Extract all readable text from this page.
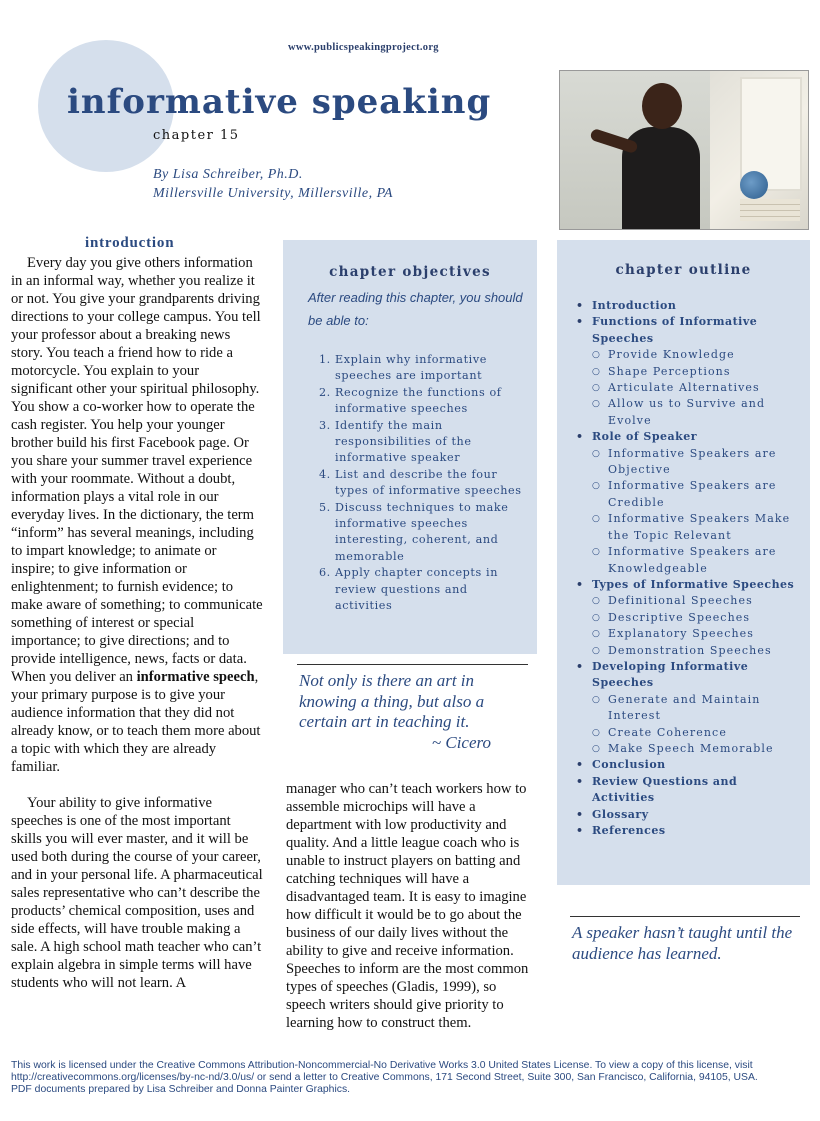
www.publicspeakingproject.org
informative speaking
chapter 15
By Lisa Schreiber, Ph.D.
Millersville University, Millersville, PA
introduction

Every day you give others information in an informal way, whether you realize it or not. You give your grandparents driving directions to your college campus. You tell your professor about a breaking news story. You teach a friend how to ride a motorcycle. You explain to your significant other your spiritual philosophy. You show a co-worker how to operate the cash register. You help your younger brother build his first Facebook page. Or you share your summer travel experience with your roommate. Without a doubt, information plays a vital role in our everyday lives. In the dictionary, the term “inform” has several meanings, including to impart knowledge; to animate or inspire; to give information or enlightenment; to furnish evidence; to make aware of something; to communicate something of interest or special importance; to give directions; and to provide intelligence, news, facts or data. When you deliver an informative speech, your primary purpose is to give your audience information that they did not already know, or to teach them more about a topic with which they are already familiar.

Your ability to give informative speeches is one of the most important skills you will ever master, and it will be used both during the course of your career, and in your personal life. A pharmaceutical sales representative who can’t describe the products’ chemical composition, uses and side effects, will have trouble making a sale. A high school math teacher who can’t explain algebra in simple terms will have students who will not learn. A

chapter objectives
After reading this chapter, you should be able to:
1. Explain why informative speeches are important
2. Recognize the functions of informative speeches
3. Identify the main responsibilities of the informative speaker
4. List and describe the four types of informative speeches
5. Discuss techniques to make informative speeches interesting, coherent, and memorable
6. Apply chapter concepts in review questions and activities
Not only is there an art in knowing a thing, but also a certain art in teaching it.
~ Cicero
manager who can’t teach workers how to assemble microchips will have a department with low productivity and quality. And a little league coach who is unable to instruct players on batting and catching techniques will have a disadvantaged team. It is easy to imagine how difficult it would be to go about the business of our daily lives without the ability to give and receive information. Speeches to inform are the most common types of speeches (Gladis, 1999), so speech writers should give priority to learning how to construct them.
chapter outline
• Introduction
• Functions of Informative Speeches
○ Provide Knowledge
○ Shape Perceptions
○ Articulate Alternatives
○ Allow us to Survive and Evolve
• Role of Speaker
○ Informative Speakers are Objective
○ Informative Speakers are Credible
○ Informative Speakers Make the Topic Relevant
○ Informative Speakers are Knowledgeable
• Types of Informative Speeches
○ Definitional Speeches
○ Descriptive Speeches
○ Explanatory Speeches
○ Demonstration Speeches
• Developing Informative Speeches
○ Generate and Maintain Interest
○ Create Coherence
○ Make Speech Memorable
• Conclusion
• Review Questions and Activities
• Glossary
• References
A speaker hasn’t taught until the audience has learned.
This work is licensed under the Creative Commons Attribution-Noncommercial-No Derivative Works 3.0 United States License. To view a copy of this license, visit
http://creativecommons.org/licenses/by-nc-nd/3.0/us/ or send a letter to Creative Commons, 171 Second Street, Suite 300, San Francisco, California, 94105, USA.
PDF documents prepared by Lisa Schreiber and Donna Painter Graphics.
